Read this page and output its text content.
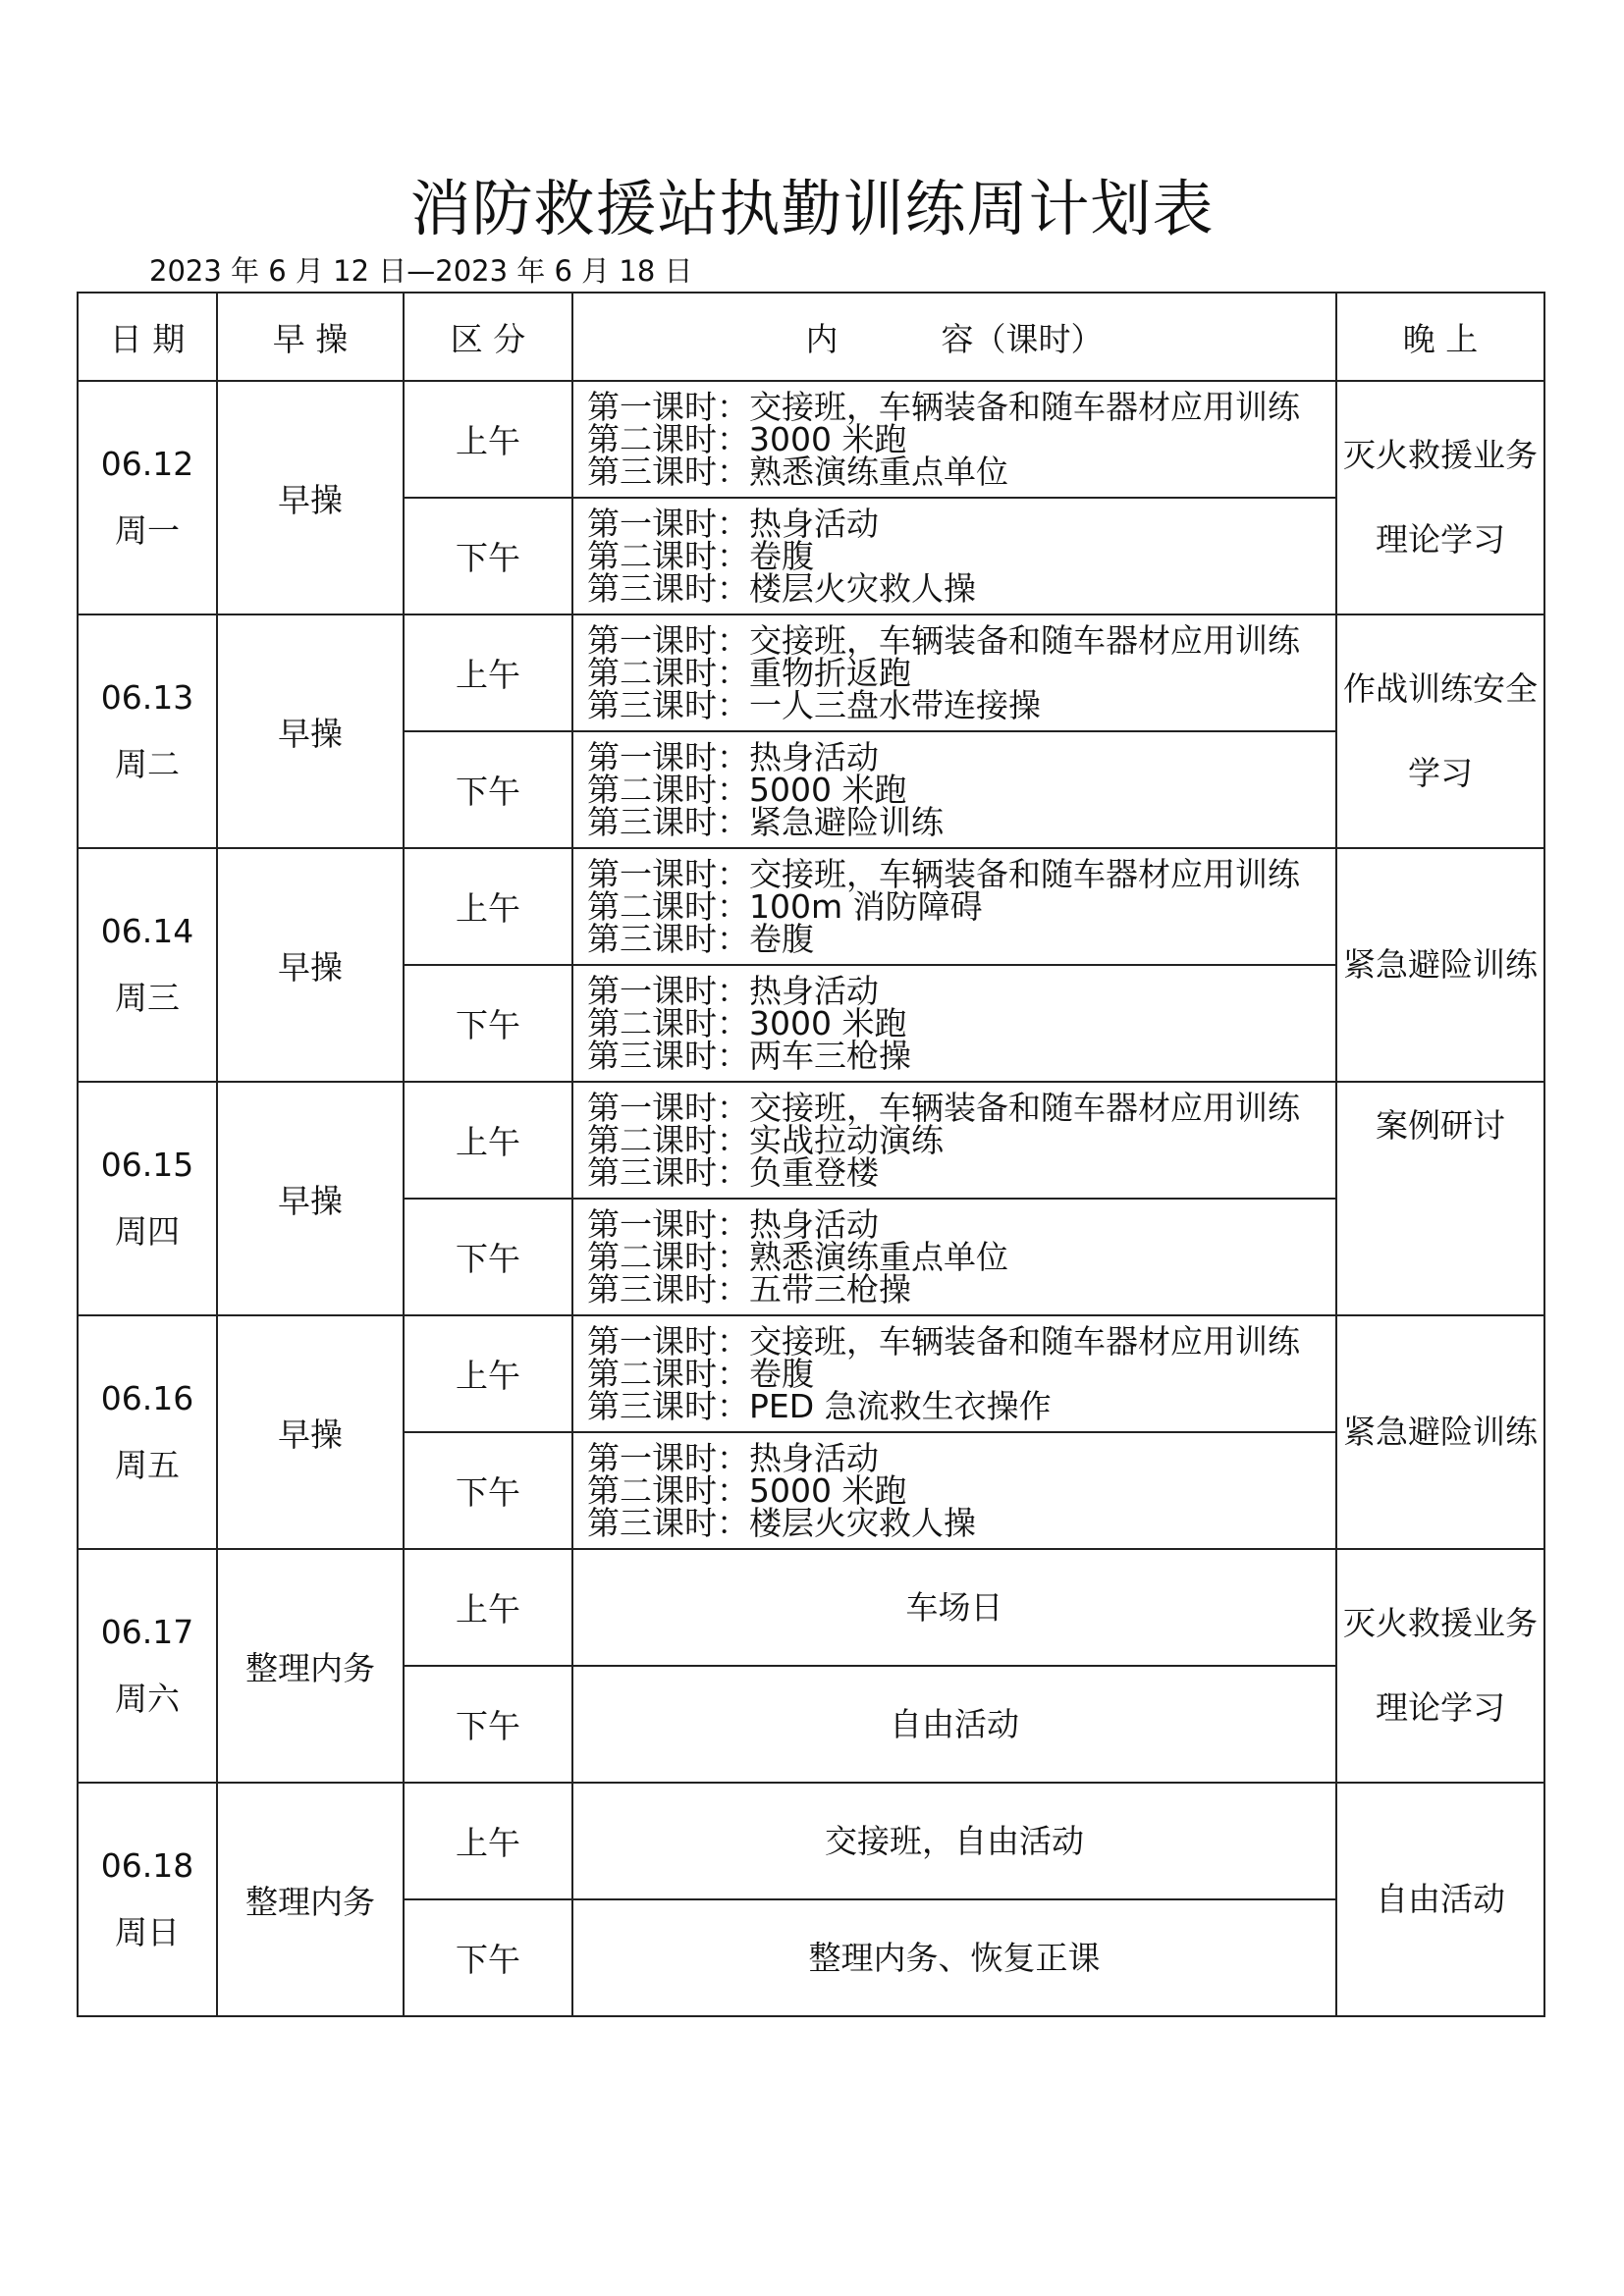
消防救援站执勤训练周计划表
2023 年 6 月 12 日—2023 年 6 月 18 日
日 期	早 操	区 分	内          容（课时）	晚 上

06.12
周一	早操	上午	第一课时：交接班，车辆装备和随车器材应用训练
第二课时：3000 米跑
第三课时：熟悉演练重点单位	灭火救援业务理论学习
		下午	第一课时：热身活动
第二课时：卷腹
第三课时：楼层火灾救人操	

06.13
周二	早操	上午	第一课时：交接班，车辆装备和随车器材应用训练
第二课时：重物折返跑
第三课时：一人三盘水带连接操	作战训练安全学习
		下午	第一课时：热身活动
第二课时：5000 米跑
第三课时：紧急避险训练	

06.14
周三	早操	上午	第一课时：交接班，车辆装备和随车器材应用训练
第二课时：100m 消防障碍
第三课时：卷腹	紧急避险训练
		下午	第一课时：热身活动
第二课时：3000 米跑
第三课时：两车三枪操	

06.15
周四	早操	上午	第一课时：交接班，车辆装备和随车器材应用训练
第二课时：实战拉动演练
第三课时：负重登楼	案例研讨
		下午	第一课时：热身活动
第二课时：熟悉演练重点单位
第三课时：五带三枪操	

06.16
周五	早操	上午	第一课时：交接班，车辆装备和随车器材应用训练
第二课时：卷腹
第三课时：PED 急流救生衣操作	紧急避险训练
		下午	第一课时：热身活动
第二课时：5000 米跑
第三课时：楼层火灾救人操	

06.17
周六	整理内务	上午	车场日	灭火救援业务理论学习
		下午	自由活动	

06.18
周日	整理内务	上午	交接班，自由活动	自由活动
		下午	整理内务、恢复正课	
